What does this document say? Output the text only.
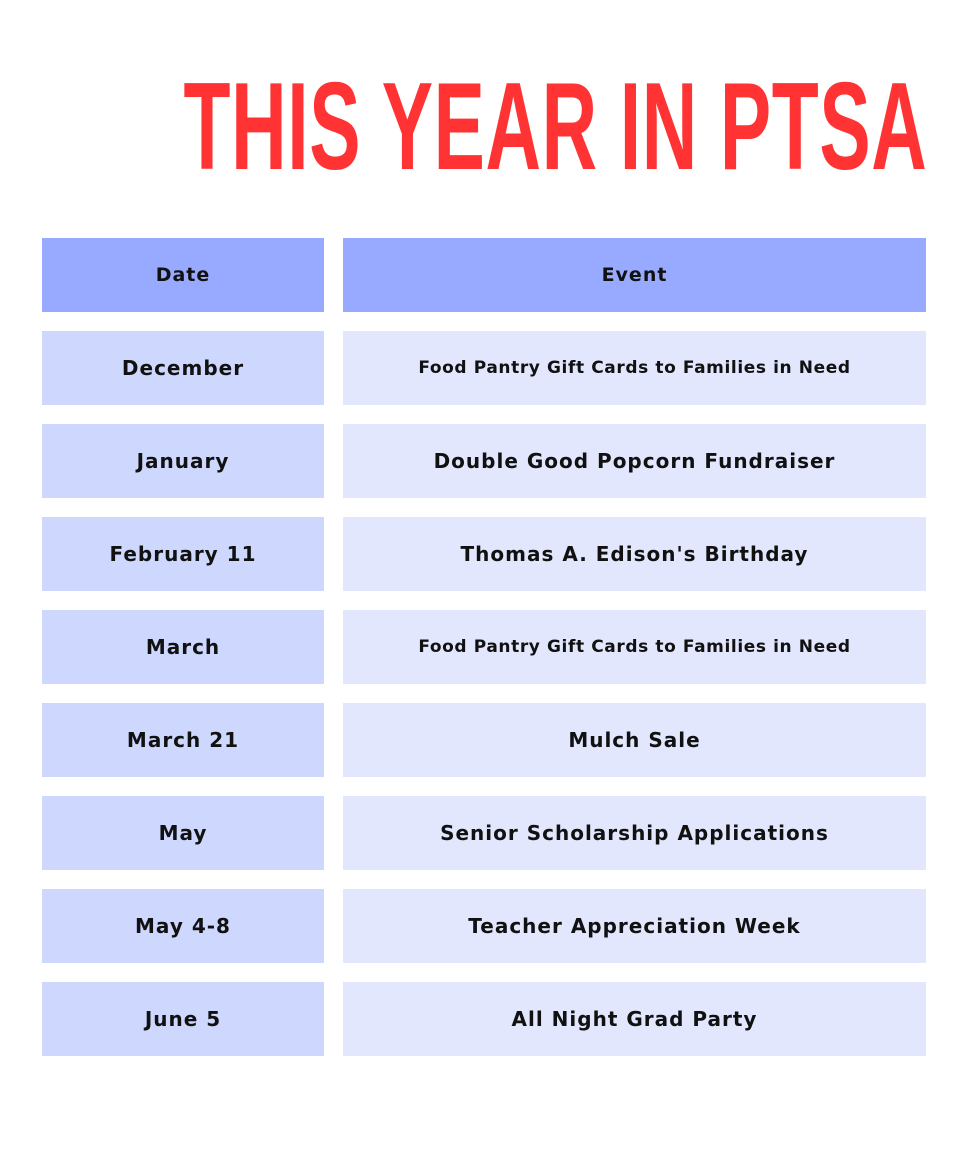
THIS YEAR IN PTSA
Date	Event
December	Food Pantry Gift Cards to Families in Need
January	Double Good Popcorn Fundraiser
February 11	Thomas A. Edison's Birthday
March	Food Pantry Gift Cards to Families in Need
March 21	Mulch Sale
May	Senior Scholarship Applications
May 4-8	Teacher Appreciation Week
June 5	All Night Grad Party
